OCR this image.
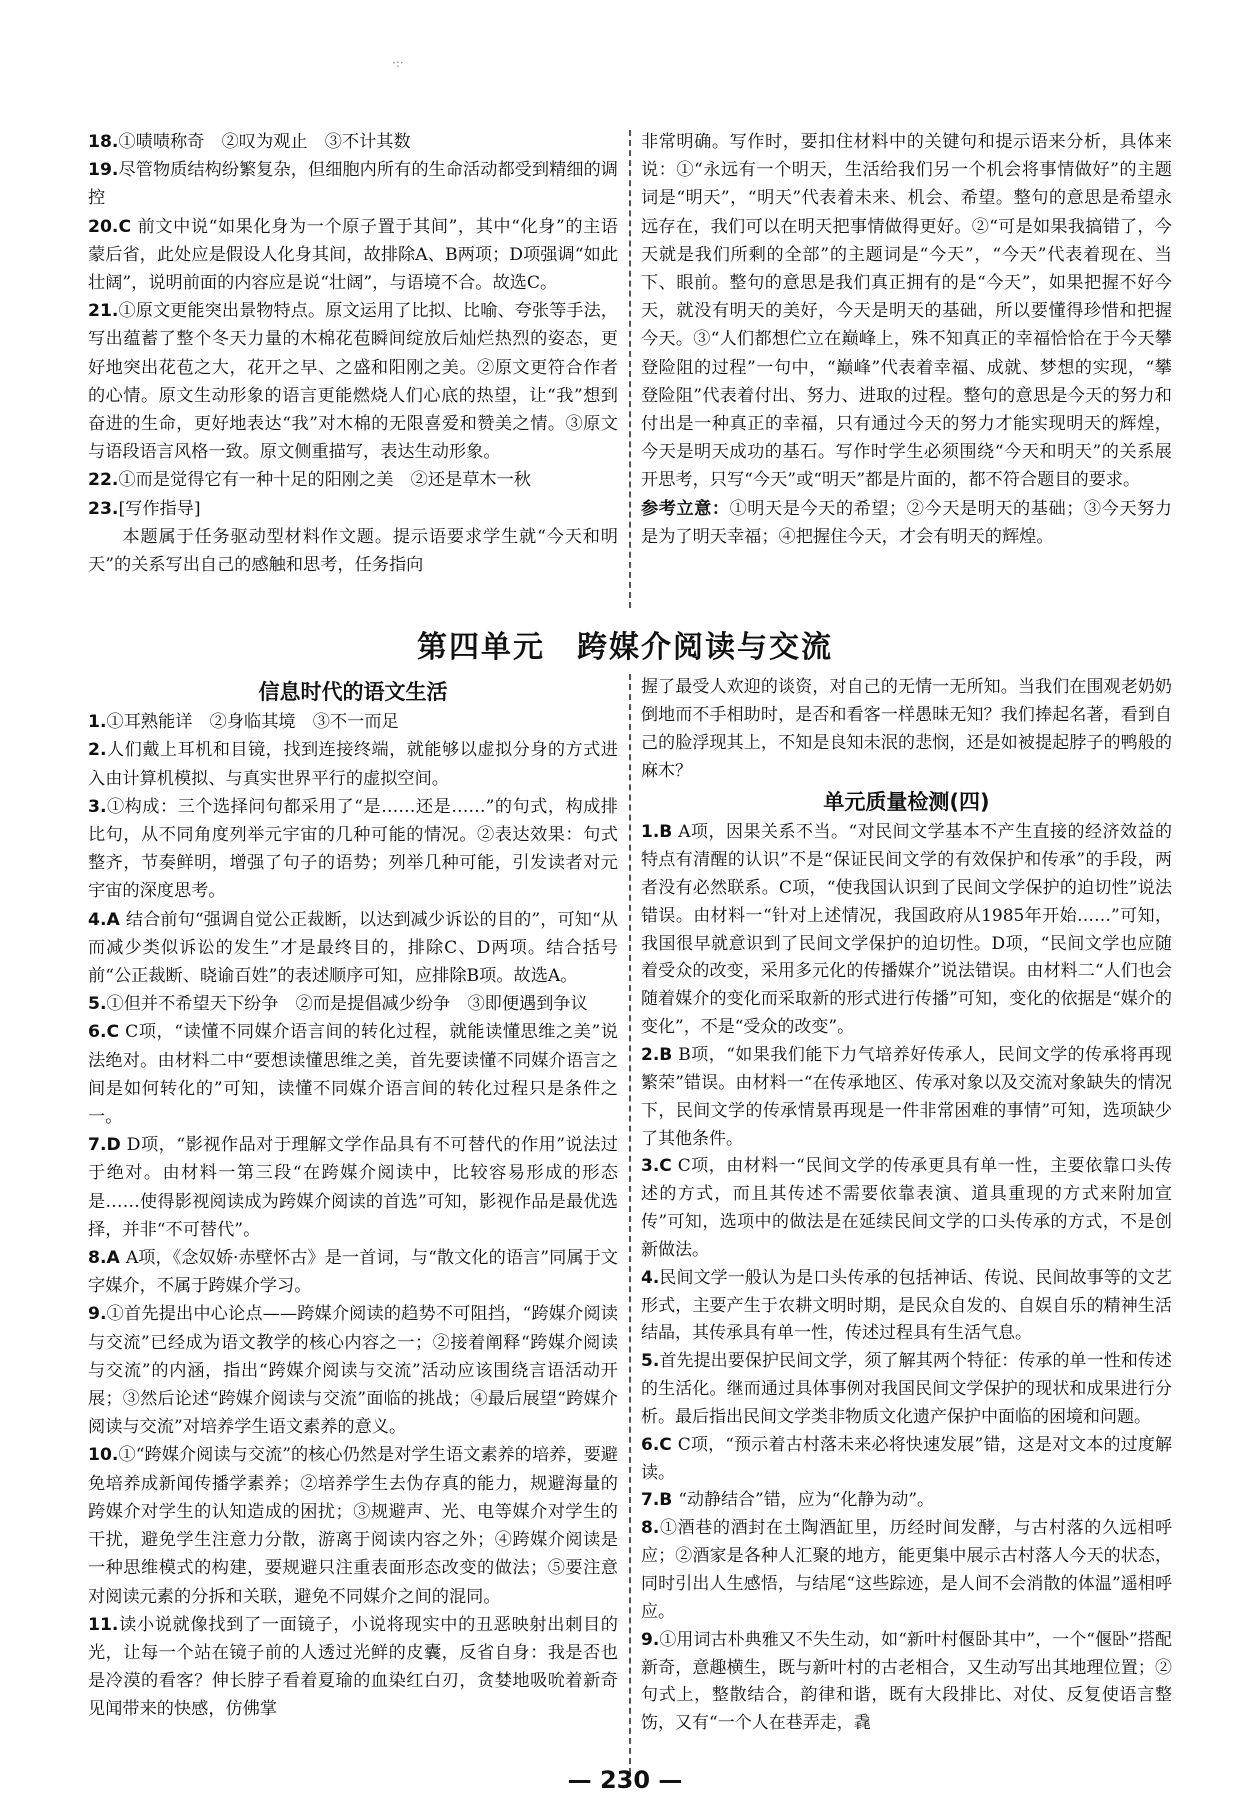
·:·

18.①啧啧称奇　②叹为观止　③不计其数

19.尽管物质结构纷繁复杂，但细胞内所有的生命活动都受到精细的调控

20.C 前文中说“如果化身为一个原子置于其间”，其中“化身”的主语蒙后省，此处应是假设人化身其间，故排除A、B两项；D项强调“如此壮阔”，说明前面的内容应是说“壮阔”，与语境不合。故选C。

21.①原文更能突出景物特点。原文运用了比拟、比喻、夸张等手法，写出蕴蓄了整个冬天力量的木棉花苞瞬间绽放后灿烂热烈的姿态，更好地突出花苞之大，花开之早、之盛和阳刚之美。②原文更符合作者的心情。原文生动形象的语言更能燃烧人们心底的热望，让“我”想到奋进的生命，更好地表达“我”对木棉的无限喜爱和赞美之情。③原文与语段语言风格一致。原文侧重描写，表达生动形象。

22.①而是觉得它有一种十足的阳刚之美　②还是草木一秋

23.[写作指导]

本题属于任务驱动型材料作文题。提示语要求学生就“今天和明天”的关系写出自己的感触和思考，任务指向

非常明确。写作时，要扣住材料中的关键句和提示语来分析，具体来说：①“永远有一个明天，生活给我们另一个机会将事情做好”的主题词是“明天”，“明天”代表着未来、机会、希望。整句的意思是希望永远存在，我们可以在明天把事情做得更好。②“可是如果我搞错了，今天就是我们所剩的全部”的主题词是“今天”，“今天”代表着现在、当下、眼前。整句的意思是我们真正拥有的是“今天”，如果把握不好今天，就没有明天的美好，今天是明天的基础，所以要懂得珍惜和把握今天。③“人们都想伫立在巅峰上，殊不知真正的幸福恰恰在于今天攀登险阻的过程”一句中，“巅峰”代表着幸福、成就、梦想的实现，“攀登险阻”代表着付出、努力、进取的过程。整句的意思是今天的努力和付出是一种真正的幸福，只有通过今天的努力才能实现明天的辉煌，今天是明天成功的基石。写作时学生必须围绕“今天和明天”的关系展开思考，只写“今天”或“明天”都是片面的，都不符合题目的要求。

参考立意：①明天是今天的希望；②今天是明天的基础；③今天努力是为了明天幸福；④把握住今天，才会有明天的辉煌。

第四单元　跨媒介阅读与交流
信息时代的语文生活

1.①耳熟能详　②身临其境　③不一而足

2.人们戴上耳机和目镜，找到连接终端，就能够以虚拟分身的方式进入由计算机模拟、与真实世界平行的虚拟空间。

3.①构成：三个选择问句都采用了“是……还是……”的句式，构成排比句，从不同角度列举元宇宙的几种可能的情况。②表达效果：句式整齐，节奏鲜明，增强了句子的语势；列举几种可能，引发读者对元宇宙的深度思考。

4.A 结合前句“强调自觉公正裁断，以达到减少诉讼的目的”，可知“从而减少类似诉讼的发生”才是最终目的，排除C、D两项。结合括号前“公正裁断、晓谕百姓”的表述顺序可知，应排除B项。故选A。

5.①但并不希望天下纷争　②而是提倡减少纷争　③即便遇到争议

6.C C项，“读懂不同媒介语言间的转化过程，就能读懂思维之美”说法绝对。由材料二中“要想读懂思维之美，首先要读懂不同媒介语言之间是如何转化的”可知，读懂不同媒介语言间的转化过程只是条件之一。

7.D D项，“影视作品对于理解文学作品具有不可替代的作用”说法过于绝对。由材料一第三段“在跨媒介阅读中，比较容易形成的形态是……使得影视阅读成为跨媒介阅读的首选”可知，影视作品是最优选择，并非“不可替代”。

8.A A项，《念奴娇·赤壁怀古》是一首词，与“散文化的语言”同属于文字媒介，不属于跨媒介学习。

9.①首先提出中心论点——跨媒介阅读的趋势不可阻挡，“跨媒介阅读与交流”已经成为语文教学的核心内容之一；②接着阐释“跨媒介阅读与交流”的内涵，指出“跨媒介阅读与交流”活动应该围绕言语活动开展；③然后论述“跨媒介阅读与交流”面临的挑战；④最后展望“跨媒介阅读与交流”对培养学生语文素养的意义。

10.①“跨媒介阅读与交流”的核心仍然是对学生语文素养的培养，要避免培养成新闻传播学素养；②培养学生去伪存真的能力，规避海量的跨媒介对学生的认知造成的困扰；③规避声、光、电等媒介对学生的干扰，避免学生注意力分散，游离于阅读内容之外；④跨媒介阅读是一种思维模式的构建，要规避只注重表面形态改变的做法；⑤要注意对阅读元素的分拆和关联，避免不同媒介之间的混同。

11.读小说就像找到了一面镜子，小说将现实中的丑恶映射出刺目的光，让每一个站在镜子前的人透过光鲜的皮囊，反省自身：我是否也是冷漠的看客？伸长脖子看着夏瑜的血染红白刃，贪婪地吸吮着新奇见闻带来的快感，仿佛掌

握了最受人欢迎的谈资，对自己的无情一无所知。当我们在围观老奶奶倒地而不手相助时，是否和看客一样愚昧无知？我们捧起名著，看到自己的脸浮现其上，不知是良知未泯的悲悯，还是如被提起脖子的鸭般的麻木？

单元质量检测(四)

1.B A项，因果关系不当。“对民间文学基本不产生直接的经济效益的特点有清醒的认识”不是“保证民间文学的有效保护和传承”的手段，两者没有必然联系。C项，“使我国认识到了民间文学保护的迫切性”说法错误。由材料一“针对上述情况，我国政府从1985年开始……”可知，我国很早就意识到了民间文学保护的迫切性。D项，“民间文学也应随着受众的改变，采用多元化的传播媒介”说法错误。由材料二“人们也会随着媒介的变化而采取新的形式进行传播”可知，变化的依据是“媒介的变化”，不是“受众的改变”。

2.B B项，“如果我们能下力气培养好传承人，民间文学的传承将再现繁荣”错误。由材料一“在传承地区、传承对象以及交流对象缺失的情况下，民间文学的传承情景再现是一件非常困难的事情”可知，选项缺少了其他条件。

3.C C项，由材料一“民间文学的传承更具有单一性，主要依靠口头传述的方式，而且其传述不需要依靠表演、道具重现的方式来附加宣传”可知，选项中的做法是在延续民间文学的口头传承的方式，不是创新做法。

4.民间文学一般认为是口头传承的包括神话、传说、民间故事等的文艺形式，主要产生于农耕文明时期，是民众自发的、自娱自乐的精神生活结晶，其传承具有单一性，传述过程具有生活气息。

5.首先提出要保护民间文学，须了解其两个特征：传承的单一性和传述的生活化。继而通过具体事例对我国民间文学保护的现状和成果进行分析。最后指出民间文学类非物质文化遗产保护中面临的困境和问题。

6.C C项，“预示着古村落未来必将快速发展”错，这是对文本的过度解读。

7.B “动静结合”错，应为“化静为动”。

8.①酒巷的酒封在土陶酒缸里，历经时间发酵，与古村落的久远相呼应；②酒家是各种人汇聚的地方，能更集中展示古村落人今天的状态，同时引出人生感悟，与结尾“这些踪迹，是人间不会消散的体温”遥相呼应。

9.①用词古朴典雅又不失生动，如“新叶村偃卧其中”，一个“偃卧”搭配新奇，意趣横生，既与新叶村的古老相合，又生动写出其地理位置；②句式上，整散结合，韵律和谐，既有大段排比、对仗、反复使语言整饬，又有“一个人在巷弄走，毳

— 230 —
